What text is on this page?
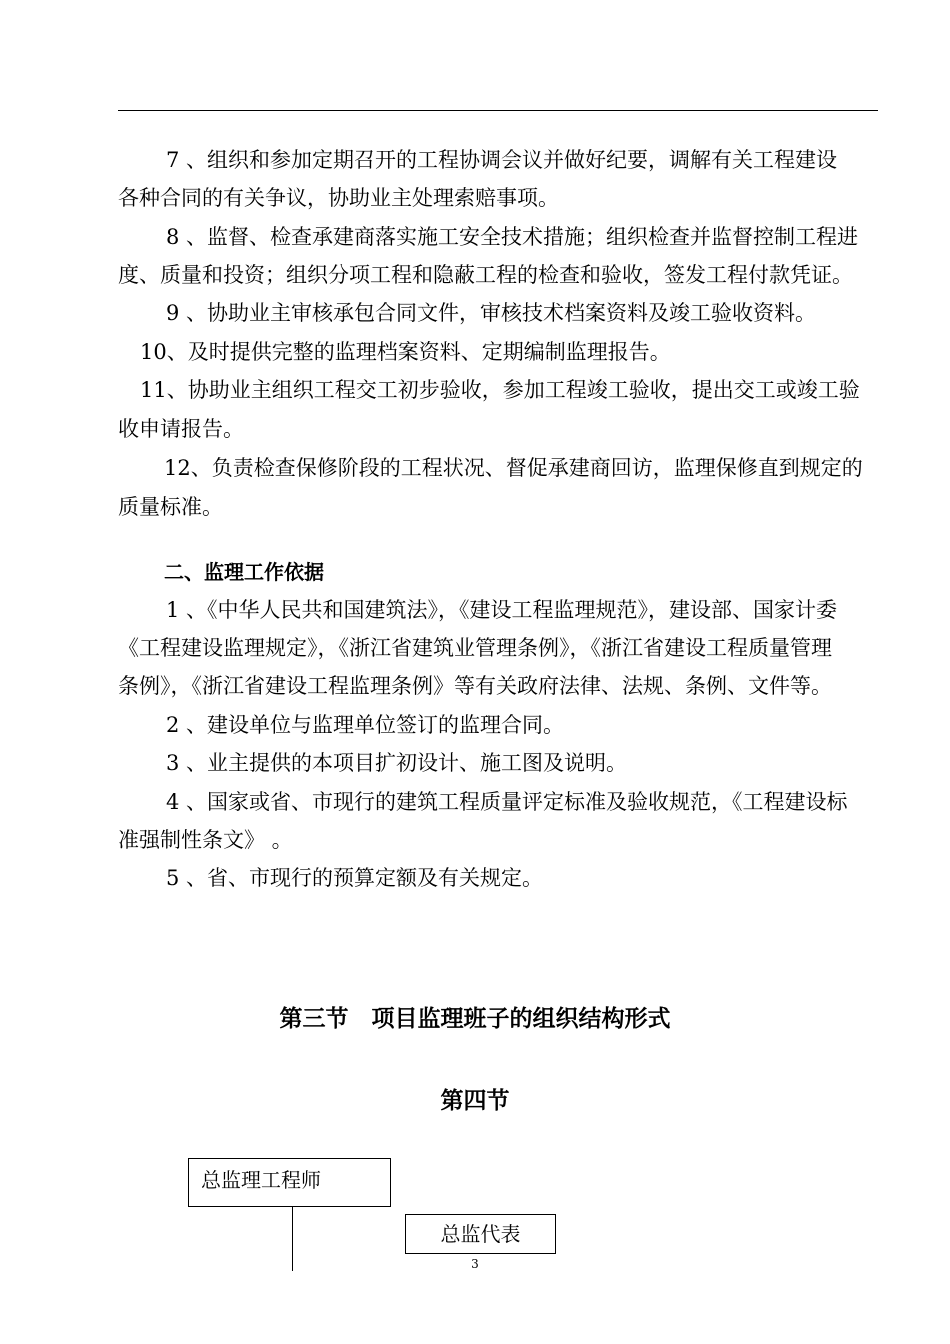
7 、组织和参加定期召开的工程协调会议并做好纪要，调解有关工程建设
各种合同的有关争议，协助业主处理索赔事项。
8 、监督、检查承建商落实施工安全技术措施；组织检查并监督控制工程进
度、质量和投资；组织分项工程和隐蔽工程的检查和验收，签发工程付款凭证。
9 、协助业主审核承包合同文件，审核技术档案资料及竣工验收资料。
10、及时提供完整的监理档案资料、定期编制监理报告。
11、协助业主组织工程交工初步验收，参加工程竣工验收，提出交工或竣工验
收申请报告。
12、负责检查保修阶段的工程状况、督促承建商回访，监理保修直到规定的
质量标准。
二、监理工作依据
1 、《中华人民共和国建筑法》，《建设工程监理规范》，建设部、国家计委
《工程建设监理规定》，《浙江省建筑业管理条例》，《浙江省建设工程质量管理
条例》，《浙江省建设工程监理条例》等有关政府法律、法规、条例、文件等。
2 、建设单位与监理单位签订的监理合同。
3 、业主提供的本项目扩初设计、施工图及说明。
4 、国家或省、市现行的建筑工程质量评定标准及验收规范，《工程建设标
准强制性条文》 。
5 、省、市现行的预算定额及有关规定。
第三节　项目监理班子的组织结构形式
第四节
总监理工程师
总监代表
3
